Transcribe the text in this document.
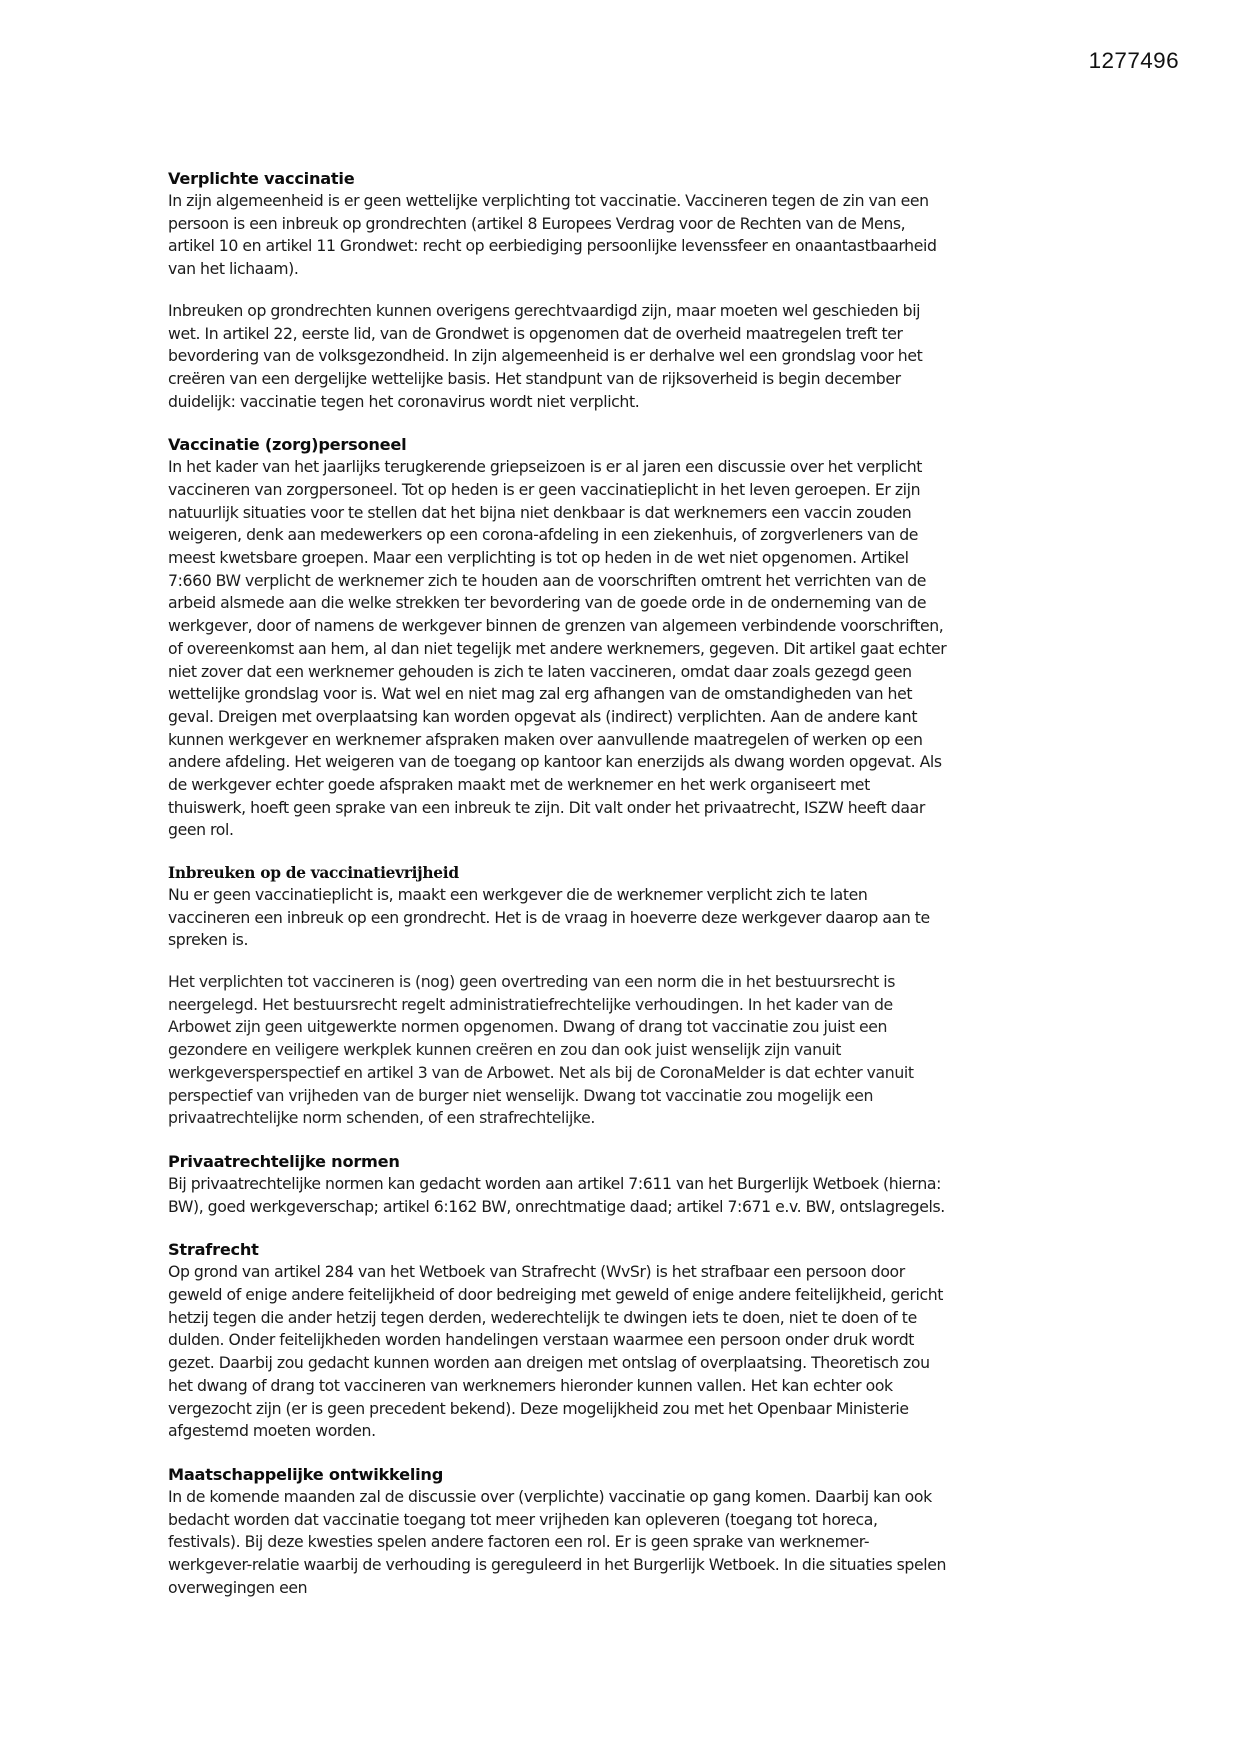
1277496
Verplichte vaccinatie

In zijn algemeenheid is er geen wettelijke verplichting tot vaccinatie. Vaccineren tegen de zin van een persoon is een inbreuk op grondrechten (artikel 8 Europees Verdrag voor de Rechten van de Mens, artikel 10 en artikel 11 Grondwet: recht op eerbiediging persoonlijke levenssfeer en onaantastbaarheid van het lichaam).

Inbreuken op grondrechten kunnen overigens gerechtvaardigd zijn, maar moeten wel geschieden bij wet. In artikel 22, eerste lid, van de Grondwet is opgenomen dat de overheid maatregelen treft ter bevordering van de volksgezondheid. In zijn algemeenheid is er derhalve wel een grondslag voor het creëren van een dergelijke wettelijke basis. Het standpunt van de rijksoverheid is begin december duidelijk: vaccinatie tegen het coronavirus wordt niet verplicht.

Vaccinatie (zorg)personeel

In het kader van het jaarlijks terugkerende griepseizoen is er al jaren een discussie over het verplicht vaccineren van zorgpersoneel. Tot op heden is er geen vaccinatieplicht in het leven geroepen. Er zijn natuurlijk situaties voor te stellen dat het bijna niet denkbaar is dat werknemers een vaccin zouden weigeren, denk aan medewerkers op een corona-afdeling in een ziekenhuis, of zorgverleners van de meest kwetsbare groepen. Maar een verplichting is tot op heden in de wet niet opgenomen. Artikel 7:660 BW verplicht de werknemer zich te houden aan de voorschriften omtrent het verrichten van de arbeid alsmede aan die welke strekken ter bevordering van de goede orde in de onderneming van de werkgever, door of namens de werkgever binnen de grenzen van algemeen verbindende voorschriften, of overeenkomst aan hem, al dan niet tegelijk met andere werknemers, gegeven. Dit artikel gaat echter niet zover dat een werknemer gehouden is zich te laten vaccineren, omdat daar zoals gezegd geen wettelijke grondslag voor is. Wat wel en niet mag zal erg afhangen van de omstandigheden van het geval. Dreigen met overplaatsing kan worden opgevat als (indirect) verplichten. Aan de andere kant kunnen werkgever en werknemer afspraken maken over aanvullende maatregelen of werken op een andere afdeling. Het weigeren van de toegang op kantoor kan enerzijds als dwang worden opgevat. Als de werkgever echter goede afspraken maakt met de werknemer en het werk organiseert met thuiswerk, hoeft geen sprake van een inbreuk te zijn. Dit valt onder het privaatrecht, ISZW heeft daar geen rol.

Inbreuken op de vaccinatievrijheid

Nu er geen vaccinatieplicht is, maakt een werkgever die de werknemer verplicht zich te laten vaccineren een inbreuk op een grondrecht. Het is de vraag in hoeverre deze werkgever daarop aan te spreken is.

Het verplichten tot vaccineren is (nog) geen overtreding van een norm die in het bestuursrecht is neergelegd. Het bestuursrecht regelt administratiefrechtelijke verhoudingen. In het kader van de Arbowet zijn geen uitgewerkte normen opgenomen. Dwang of drang tot vaccinatie zou juist een gezondere en veiligere werkplek kunnen creëren en zou dan ook juist wenselijk zijn vanuit werkgeversperspectief en artikel 3 van de Arbowet. Net als bij de CoronaMelder is dat echter vanuit perspectief van vrijheden van de burger niet wenselijk. Dwang tot vaccinatie zou mogelijk een privaatrechtelijke norm schenden, of een strafrechtelijke.

Privaatrechtelijke normen

Bij privaatrechtelijke normen kan gedacht worden aan artikel 7:611 van het Burgerlijk Wetboek (hierna: BW), goed werkgeverschap; artikel 6:162 BW, onrechtmatige daad; artikel 7:671 e.v. BW, ontslagregels.

Strafrecht

Op grond van artikel 284 van het Wetboek van Strafrecht (WvSr) is het strafbaar een persoon door geweld of enige andere feitelijkheid of door bedreiging met geweld of enige andere feitelijkheid, gericht hetzij tegen die ander hetzij tegen derden, wederechtelijk te dwingen iets te doen, niet te doen of te dulden. Onder feitelijkheden worden handelingen verstaan waarmee een persoon onder druk wordt gezet. Daarbij zou gedacht kunnen worden aan dreigen met ontslag of overplaatsing. Theoretisch zou het dwang of drang tot vaccineren van werknemers hieronder kunnen vallen. Het kan echter ook vergezocht zijn (er is geen precedent bekend). Deze mogelijkheid zou met het Openbaar Ministerie afgestemd moeten worden.

Maatschappelijke ontwikkeling

In de komende maanden zal de discussie over (verplichte) vaccinatie op gang komen. Daarbij kan ook bedacht worden dat vaccinatie toegang tot meer vrijheden kan opleveren (toegang tot horeca, festivals). Bij deze kwesties spelen andere factoren een rol. Er is geen sprake van werknemer-werkgever-relatie waarbij de verhouding is gereguleerd in het Burgerlijk Wetboek. In die situaties spelen overwegingen een
